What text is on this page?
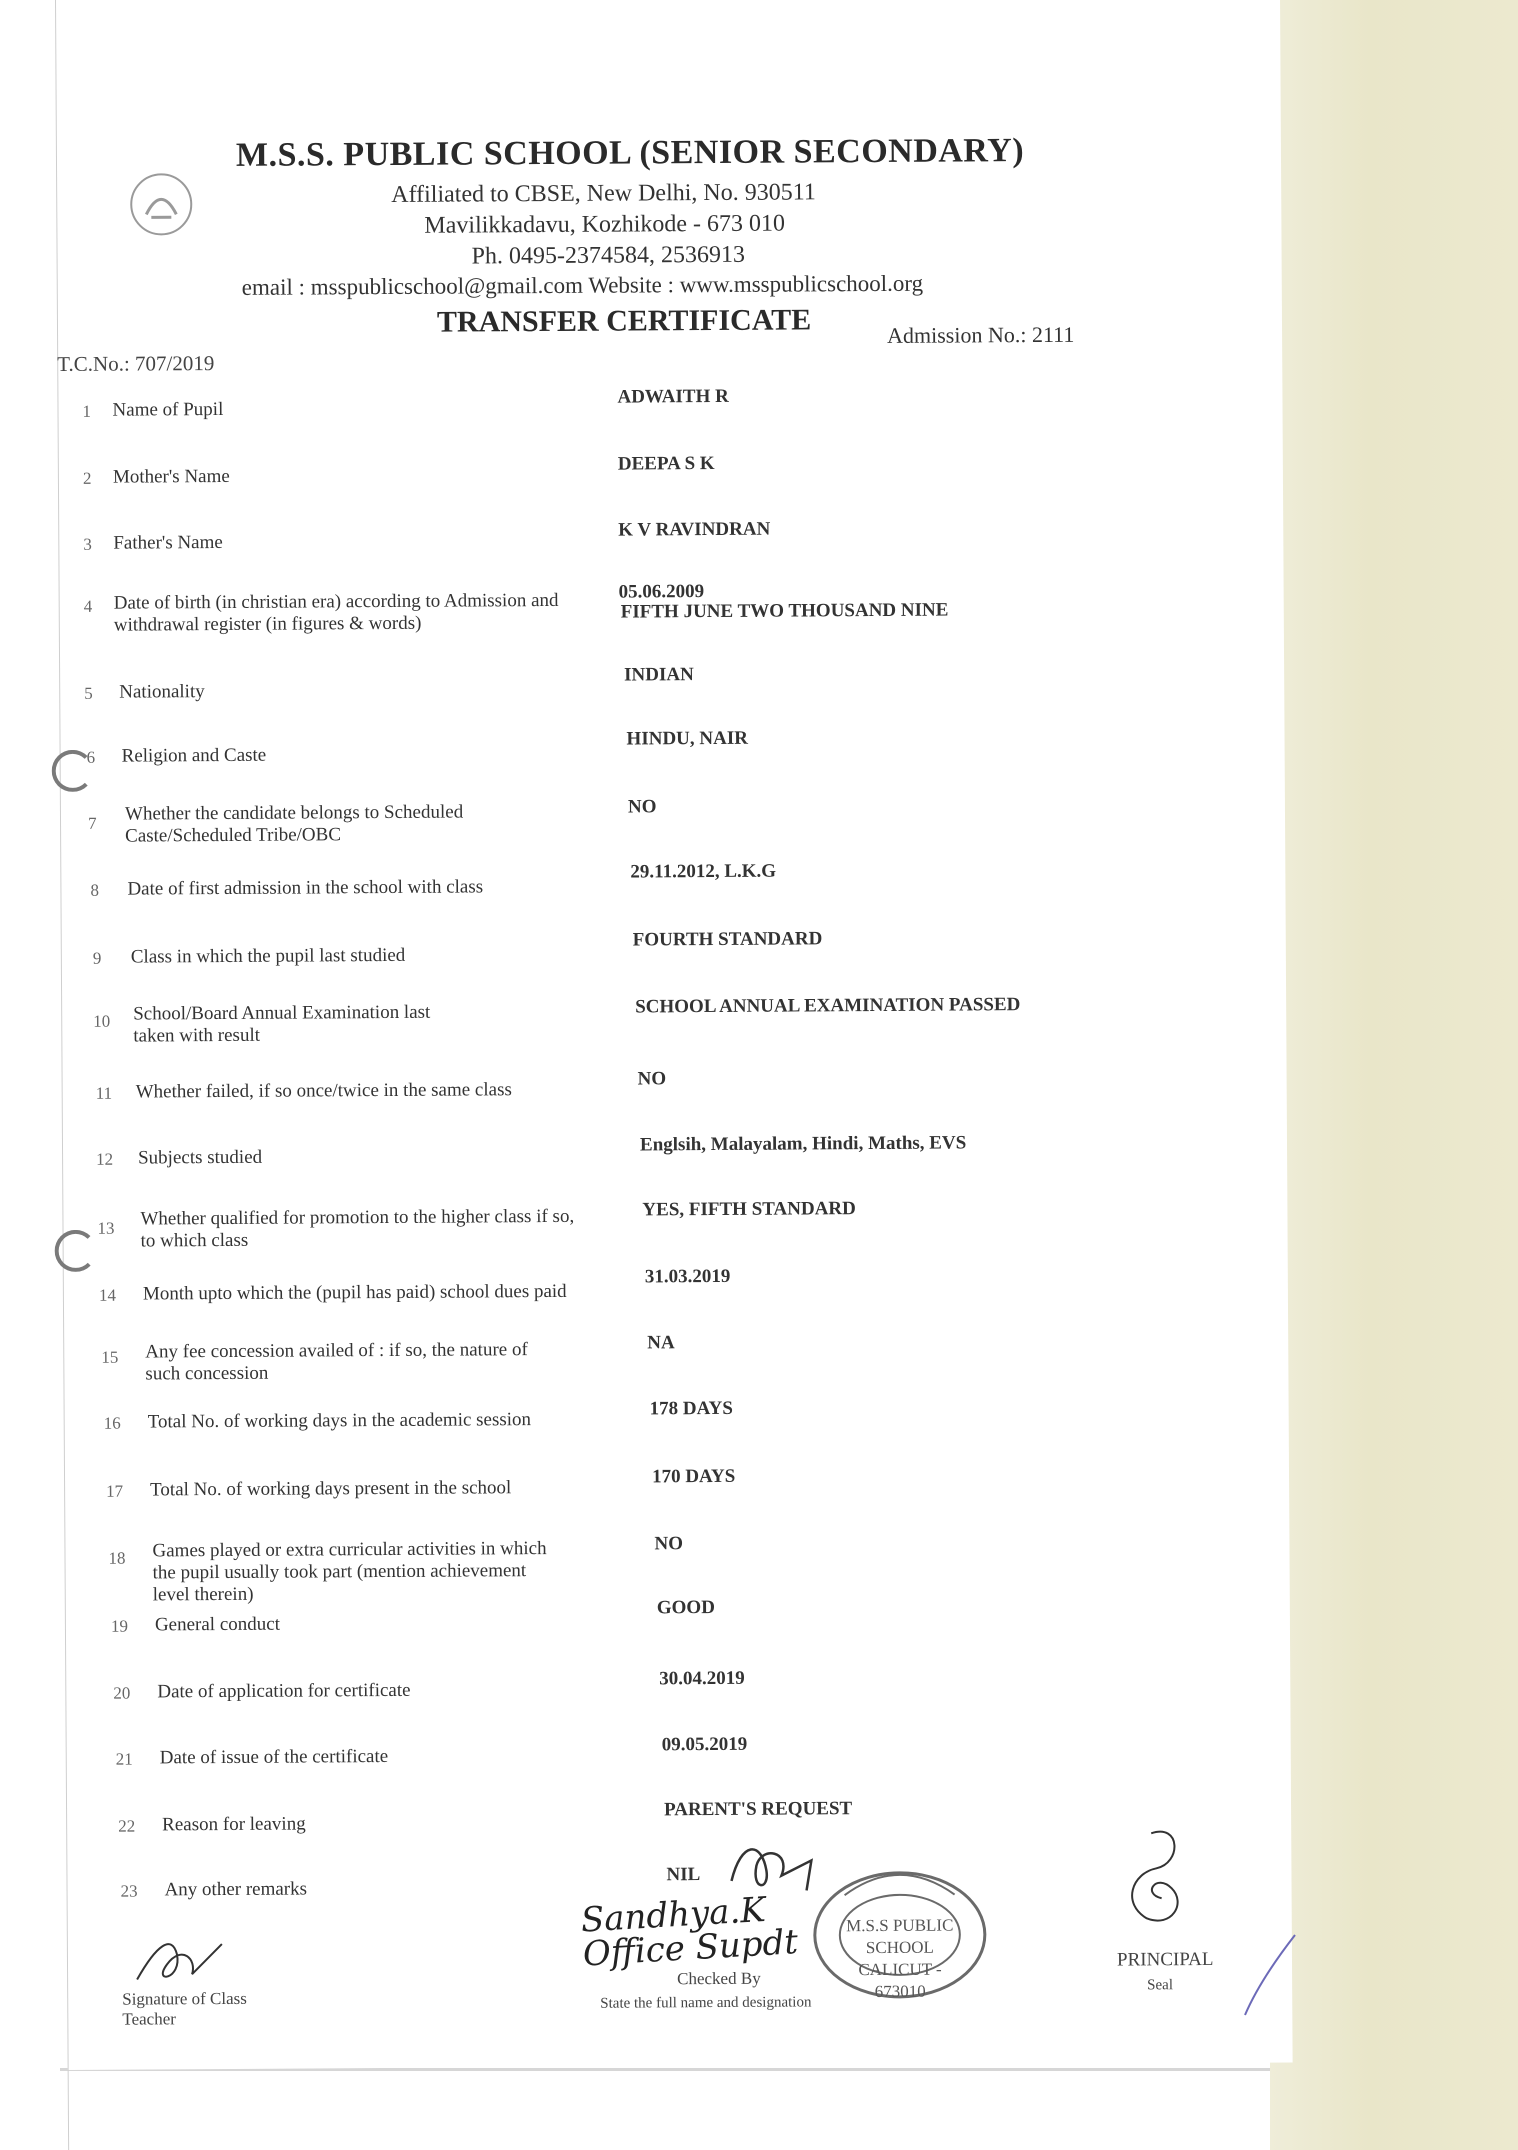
M.S.S. PUBLIC SCHOOL (SENIOR SECONDARY)
Affiliated to CBSE, New Delhi, No. 930511
Mavilikkadavu, Kozhikode - 673 010
Ph. 0495-2374584, 2536913
email : msspublicschool@gmail.com Website : www.msspublicschool.org
TRANSFER CERTIFICATE
T.C.No.: 707/2019
Admission No.: 2111
1 Name of Pupil
ADWAITH R
2 Mother's Name
DEEPA S K
3 Father's Name
K V RAVINDRAN
4 Date of birth (in christian era) according to Admission and withdrawal register (in figures & words)
05.06.2009
FIFTH JUNE TWO THOUSAND NINE
5 Nationality
INDIAN
6 Religion and Caste
HINDU, NAIR
7 Whether the candidate belongs to Scheduled Caste/Scheduled Tribe/OBC
NO
8 Date of first admission in the school with class
29.11.2012, L.K.G
9 Class in which the pupil last studied
FOURTH STANDARD
10 School/Board Annual Examination last taken with result
SCHOOL ANNUAL EXAMINATION PASSED
11 Whether failed, if so once/twice in the same class
NO
12 Subjects studied
Englsih, Malayalam, Hindi, Maths, EVS
13 Whether qualified for promotion to the higher class if so, to which class
YES, FIFTH STANDARD
14 Month upto which the (pupil has paid) school dues paid
31.03.2019
15 Any fee concession availed of : if so, the nature of such concession
NA
16 Total No. of working days in the academic session
178 DAYS
17 Total No. of working days present in the school
170 DAYS
18 Games played or extra curricular activities in which the pupil usually took part (mention achievement level therein)
NO
19 General conduct
GOOD
20 Date of application for certificate
30.04.2019
21 Date of issue of the certificate
09.05.2019
22 Reason for leaving
PARENT'S REQUEST
23 Any other remarks
NIL
Signature of Class Teacher
Sandhya.K Office Supdt
Checked By
State the full name and designation
M.S.S PUBLIC SCHOOL CALICUT - 673010
PRINCIPAL
Seal
